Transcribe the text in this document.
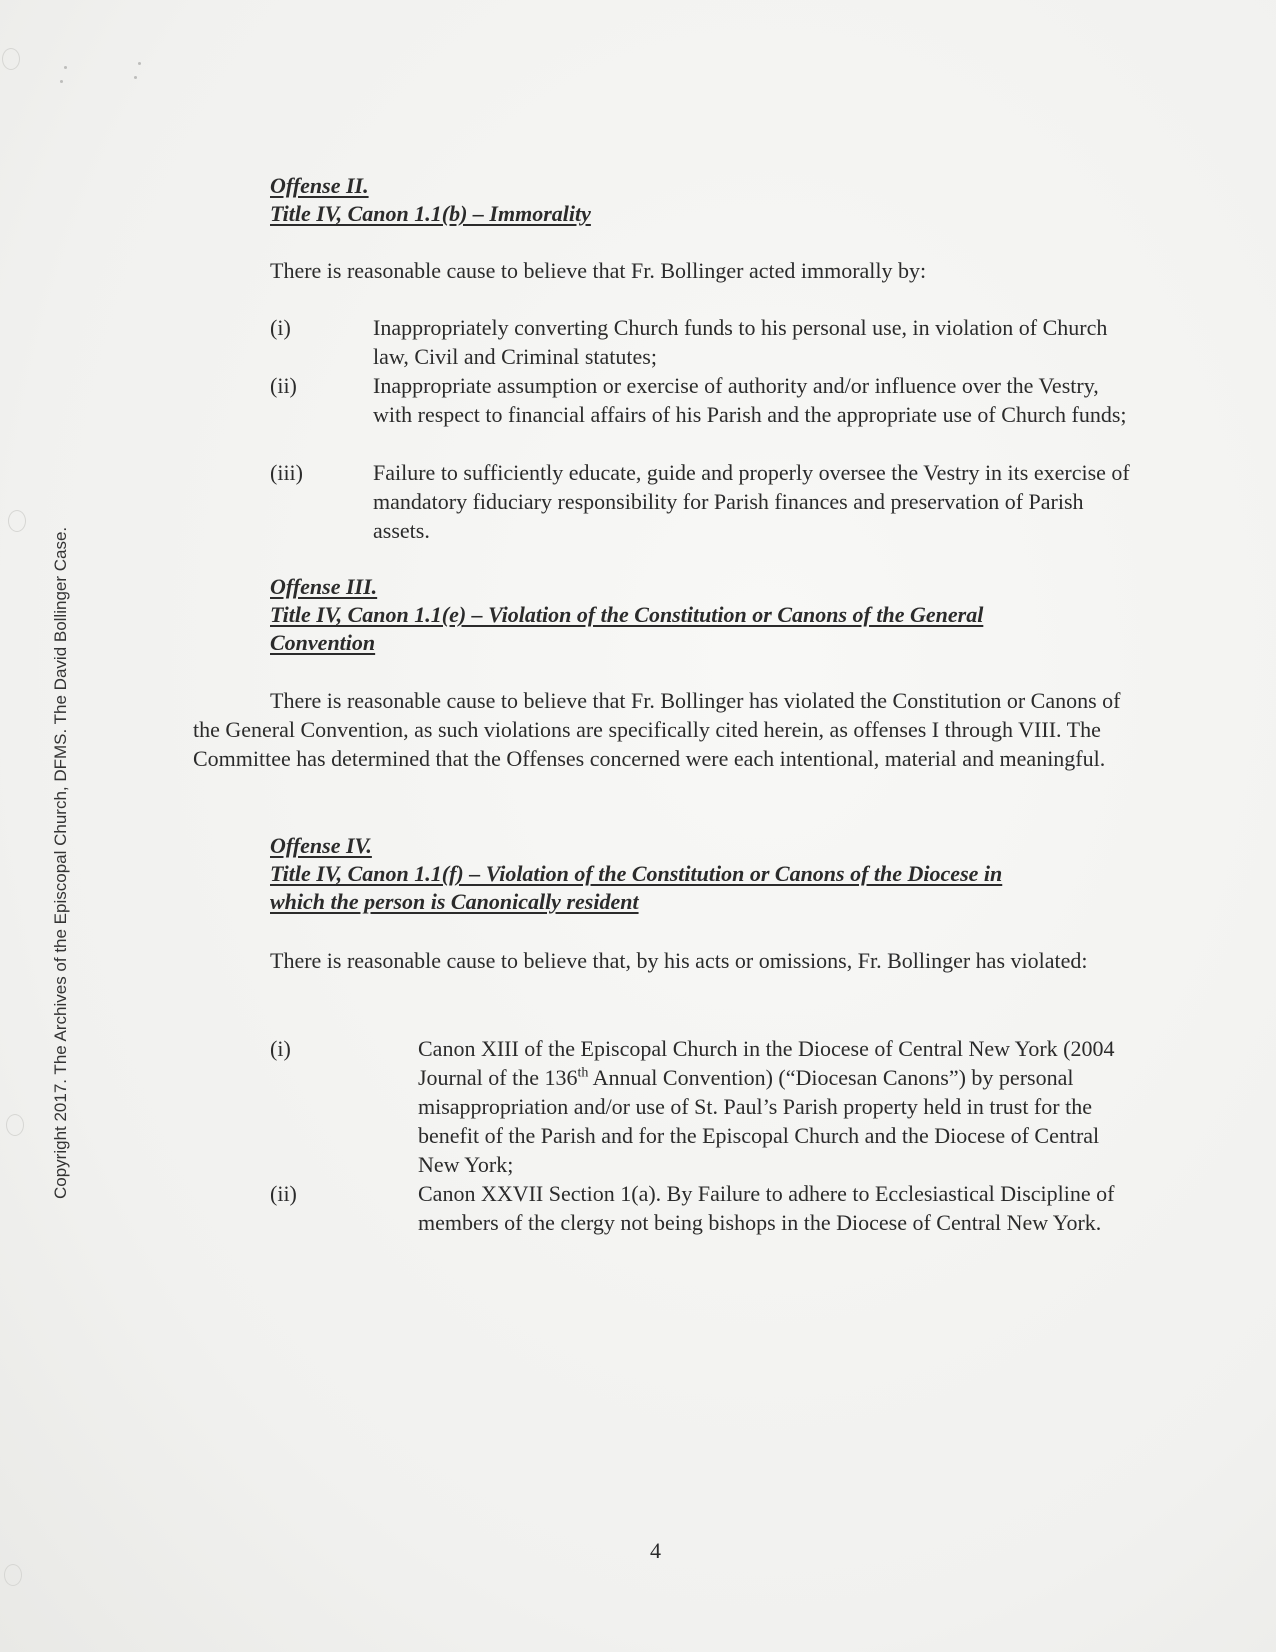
Copyright 2017. The Archives of the Episcopal Church, DFMS. The David Bollinger Case.
Offense II.
Title IV, Canon 1.1(b) – Immorality
There is reasonable cause to believe that Fr. Bollinger acted immorally by:
(i)	Inappropriately converting Church funds to his personal use, in violation of Church law, Civil and Criminal statutes;
(ii)	Inappropriate assumption or exercise of authority and/or influence over the Vestry, with respect to financial affairs of his Parish and the appropriate use of Church funds;
(iii)	Failure to sufficiently educate, guide and properly oversee the Vestry in its exercise of mandatory fiduciary responsibility for Parish finances and preservation of Parish assets.
Offense III.
Title IV, Canon 1.1(e) – Violation of the Constitution or Canons of the General
Convention
There is reasonable cause to believe that Fr. Bollinger has violated the Constitution or Canons of the General Convention, as such violations are specifically cited herein, as offenses I through VIII. The Committee has determined that the Offenses concerned were each intentional, material and meaningful.
Offense IV.
Title IV, Canon 1.1(f) – Violation of the Constitution or Canons of the Diocese in
which the person is Canonically resident
There is reasonable cause to believe that, by his acts or omissions, Fr. Bollinger has violated:
(i)	Canon XIII of the Episcopal Church in the Diocese of Central New York (2004 Journal of the 136th Annual Convention) (“Diocesan Canons”) by personal misappropriation and/or use of St. Paul’s Parish property held in trust for the benefit of the Parish and for the Episcopal Church and the Diocese of Central New York;
(ii)	Canon XXVII Section 1(a). By Failure to adhere to Ecclesiastical Discipline of members of the clergy not being bishops in the Diocese of Central New York.
4
